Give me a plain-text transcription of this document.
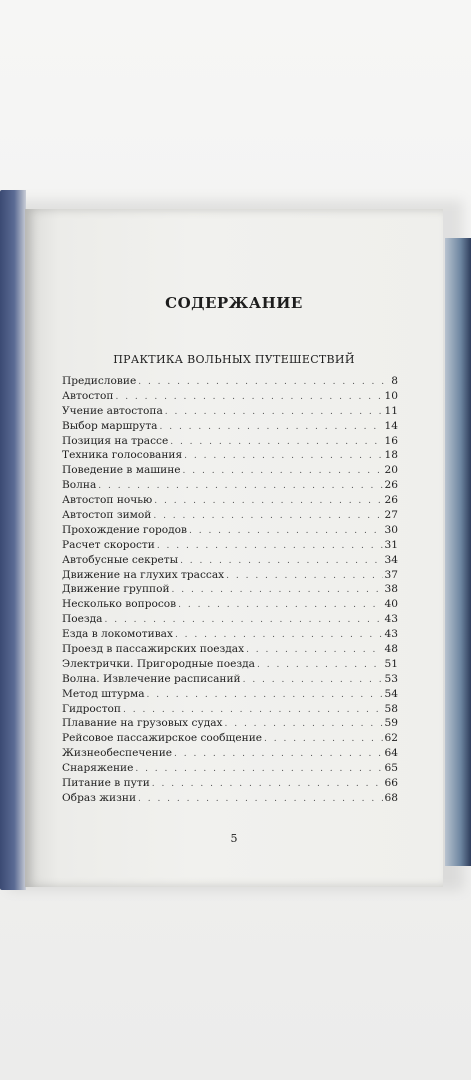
СОДЕРЖАНИЕ
ПРАКТИКА ВОЛЬНЫХ ПУТЕШЕСТВИЙ
Предисловие . . .	8
Автостоп . . .	10
Учение автостопа . . .	11
Выбор маршрута . . .	14
Позиция на трассе . . .	16
Техника голосования . . .	18
Поведение в машине . . .	20
Волна . . .	26
Автостоп ночью . . .	26
Автостоп зимой . . .	27
Прохождение городов . . .	30
Расчет скорости . . .	31
Автобусные секреты . . .	34
Движение на глухих трассах . . .	37
Движение группой . . .	38
Несколько вопросов . . .	40
Поезда . . .	43
Езда в локомотивах . . .	43
Проезд в пассажирских поездах . . .	48
Электрички. Пригородные поезда . . .	51
Волна. Извлечение расписаний . . .	53
Метод штурма . . .	54
Гидростоп . . .	58
Плавание на грузовых судах . . .	59
Рейсовое пассажирское сообщение . . .	62
Жизнеобеспечение . . .	64
Снаряжение . . .	65
Питание в пути . . .	66
Образ жизни . . .	68
5
